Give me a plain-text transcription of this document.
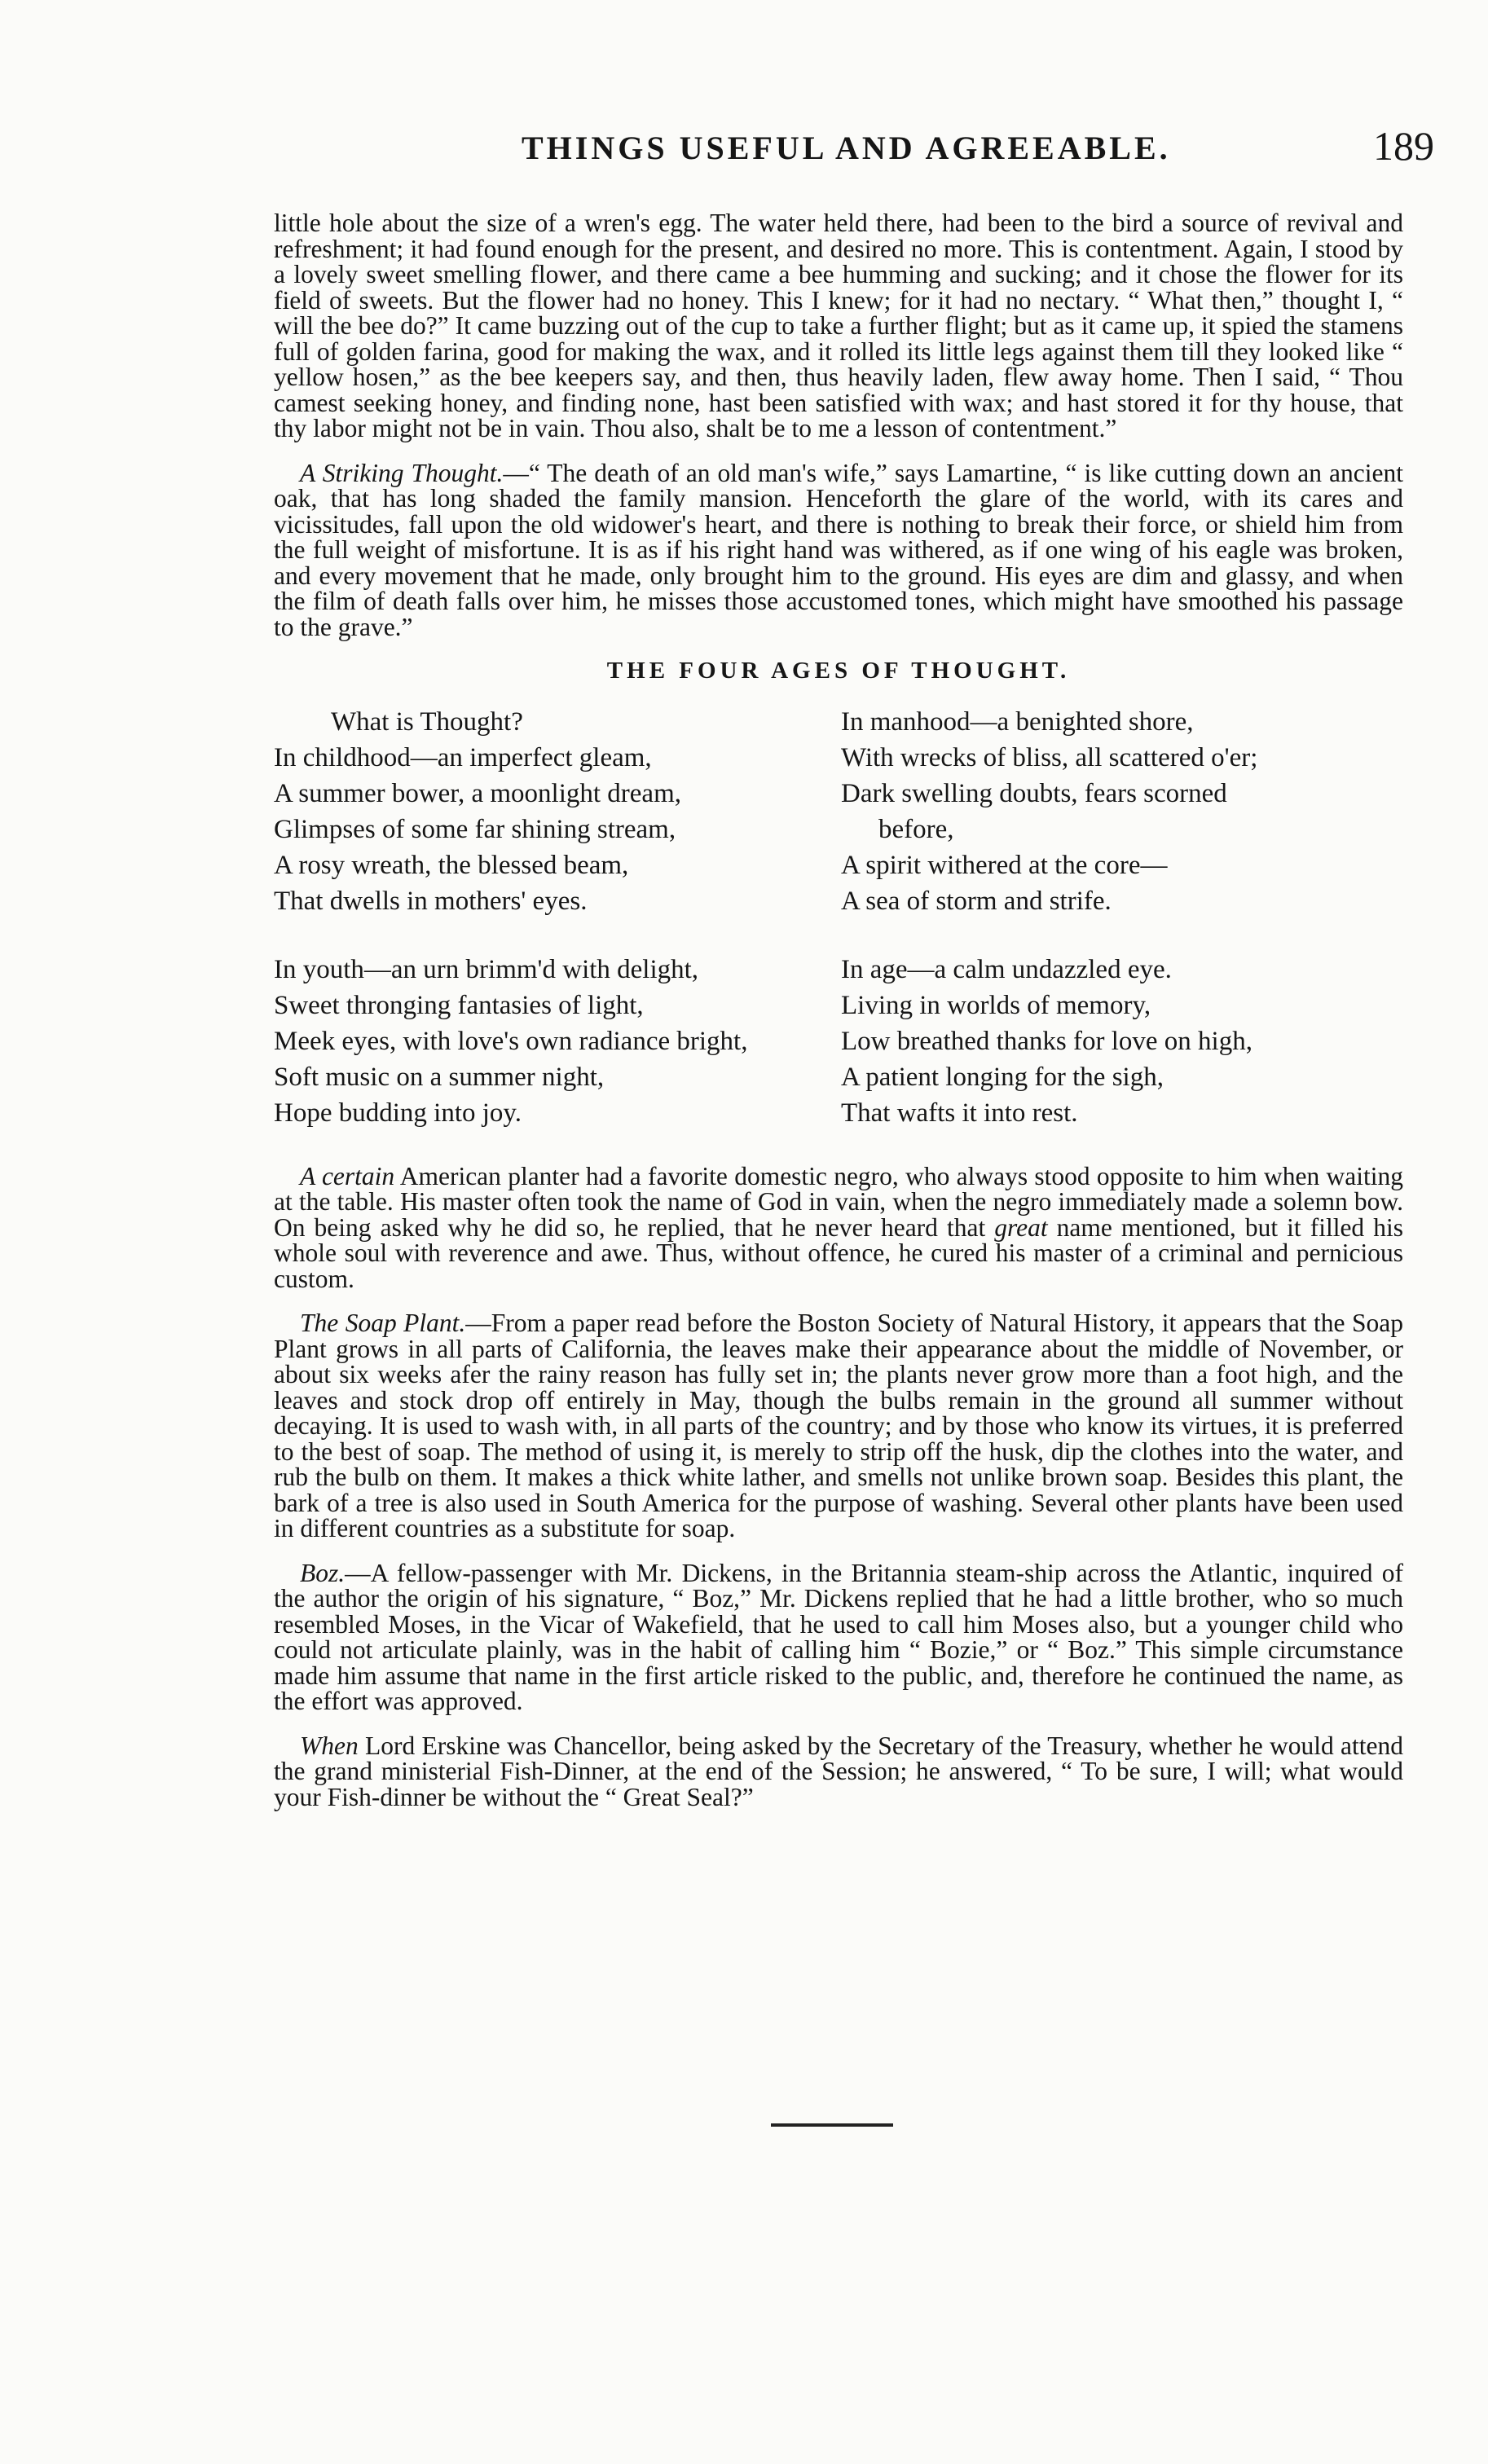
THINGS USEFUL AND AGREEABLE.	189

little hole about the size of a wren's egg. The water held there, had been to the bird a source of revival and refreshment; it had found enough for the present, and desired no more. This is contentment. Again, I stood by a lovely sweet smelling flower, and there came a bee humming and sucking; and it chose the flower for its field of sweets. But the flower had no honey. This I knew; for it had no nectary. “ What then,” thought I, “ will the bee do?” It came buzzing out of the cup to take a further flight; but as it came up, it spied the stamens full of golden farina, good for making the wax, and it rolled its little legs against them till they looked like “ yellow hosen,” as the bee keepers say, and then, thus heavily laden, flew away home. Then I said, “ Thou camest seeking honey, and finding none, hast been satisfied with wax; and hast stored it for thy house, that thy labor might not be in vain. Thou also, shalt be to me a lesson of contentment.”

A Striking Thought.—“ The death of an old man's wife,” says Lamartine, “ is like cutting down an ancient oak, that has long shaded the family mansion. Henceforth the glare of the world, with its cares and vicissitudes, fall upon the old widower's heart, and there is nothing to break their force, or shield him from the full weight of misfortune. It is as if his right hand was withered, as if one wing of his eagle was broken, and every movement that he made, only brought him to the ground. His eyes are dim and glassy, and when the film of death falls over him, he misses those accustomed tones, which might have smoothed his passage to the grave.”

THE FOUR AGES OF THOUGHT.
What is Thought?
In childhood—an imperfect gleam,
A summer bower, a moonlight dream,
Glimpses of some far shining stream,
A rosy wreath, the blessed beam,
That dwells in mothers' eyes.
In manhood—a benighted shore,
With wrecks of bliss, all scattered o'er;
Dark swelling doubts, fears scorned
before,
A spirit withered at the core—
A sea of storm and strife.
In youth—an urn brimm'd with delight,
Sweet thronging fantasies of light,
Meek eyes, with love's own radiance bright,
Soft music on a summer night,
Hope budding into joy.
In age—a calm undazzled eye.
Living in worlds of memory,
Low breathed thanks for love on high,
A patient longing for the sigh,
That wafts it into rest.

A certain American planter had a favorite domestic negro, who always stood opposite to him when waiting at the table. His master often took the name of God in vain, when the negro immediately made a solemn bow. On being asked why he did so, he replied, that he never heard that great name mentioned, but it filled his whole soul with reverence and awe. Thus, without offence, he cured his master of a criminal and pernicious custom.

The Soap Plant.—From a paper read before the Boston Society of Natural History, it appears that the Soap Plant grows in all parts of California, the leaves make their appearance about the middle of November, or about six weeks afer the rainy reason has fully set in; the plants never grow more than a foot high, and the leaves and stock drop off entirely in May, though the bulbs remain in the ground all summer without decaying. It is used to wash with, in all parts of the country; and by those who know its virtues, it is preferred to the best of soap. The method of using it, is merely to strip off the husk, dip the clothes into the water, and rub the bulb on them. It makes a thick white lather, and smells not unlike brown soap. Besides this plant, the bark of a tree is also used in South America for the purpose of washing. Several other plants have been used in different countries as a substitute for soap.

Boz.—A fellow-passenger with Mr. Dickens, in the Britannia steam-ship across the Atlantic, inquired of the author the origin of his signature, “ Boz,” Mr. Dickens replied that he had a little brother, who so much resembled Moses, in the Vicar of Wakefield, that he used to call him Moses also, but a younger child who could not articulate plainly, was in the habit of calling him “ Bozie,” or “ Boz.” This simple circumstance made him assume that name in the first article risked to the public, and, therefore he continued the name, as the effort was approved.

When Lord Erskine was Chancellor, being asked by the Secretary of the Treasury, whether he would attend the grand ministerial Fish-Dinner, at the end of the Session; he answered, “ To be sure, I will; what would your Fish-dinner be without the “ Great Seal?”
